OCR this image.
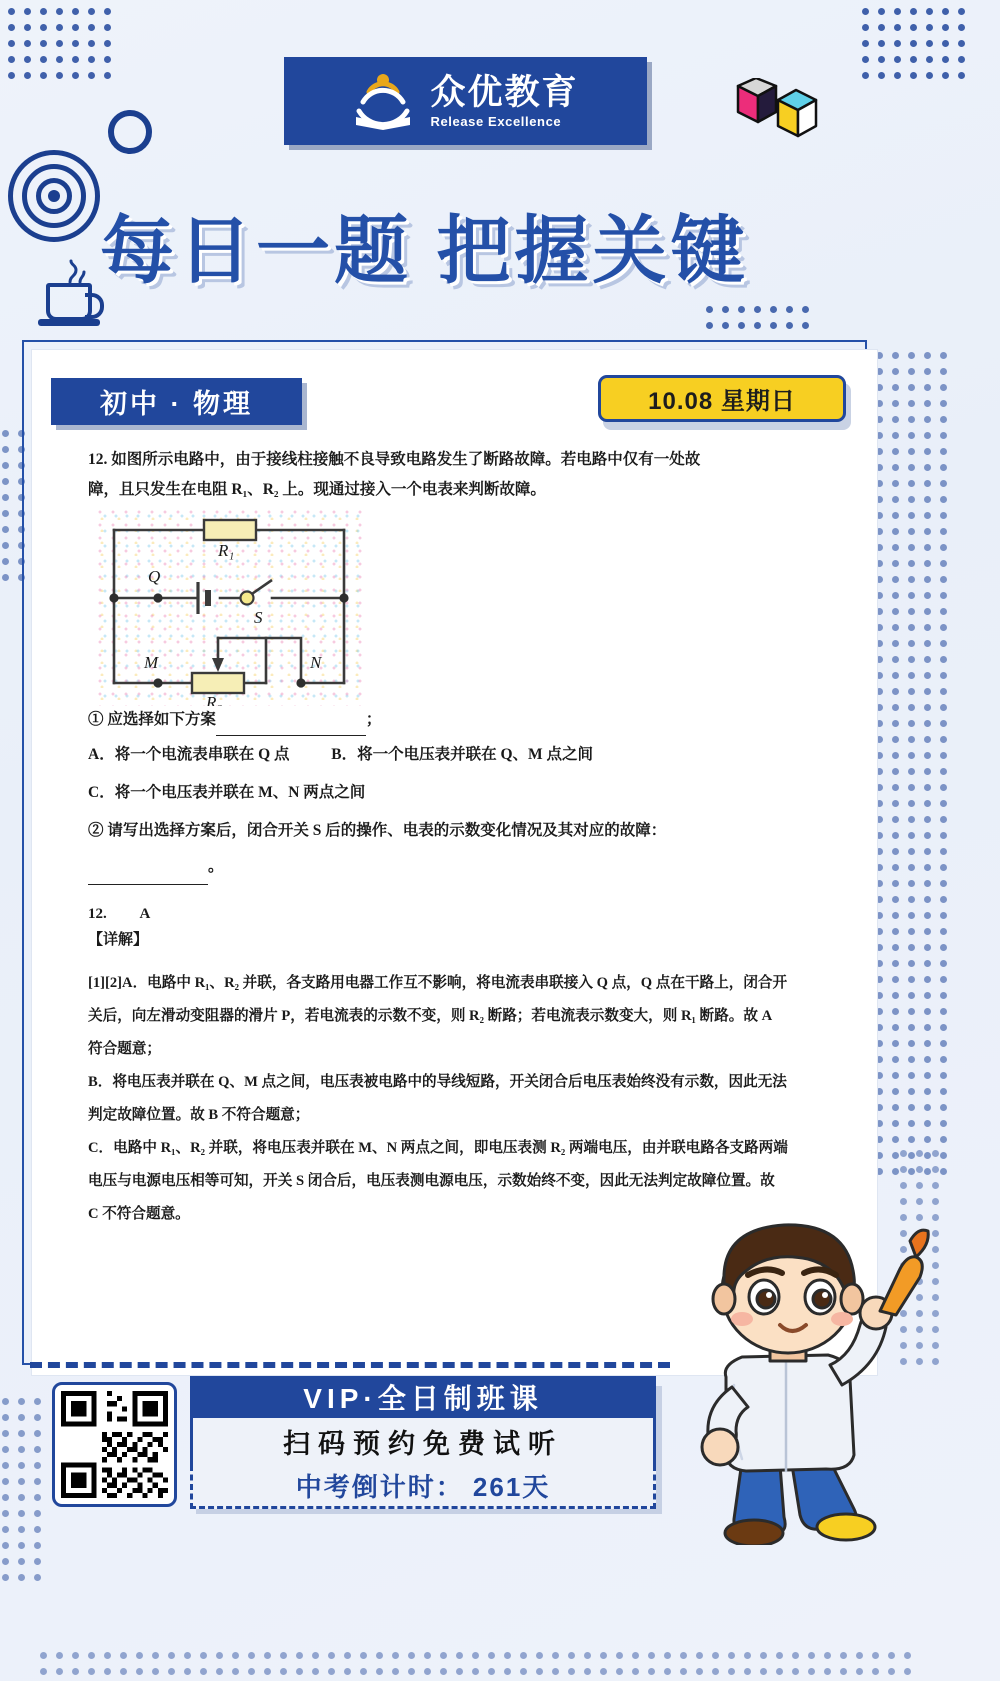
众优教育
Release Excellence
每日一题 把握关键
初中 · 物理	10.08 星期日
12. 如图所示电路中，由于接线柱接触不良导致电路发生了断路故障。若电路中仅有一处故
障，且只发生在电阻 R₁、R₂ 上。现通过接入一个电表来判断故障。
① 应选择如下方案	；
A．将一个电流表串联在 Q 点	B．将一个电压表并联在 Q、M 点之间
C．将一个电压表并联在 M、N 两点之间
② 请写出选择方案后，闭合开关 S 后的操作、电表的示数变化情况及其对应的故障：
。
12. A
【详解】
[1][2]A．电路中 R₁、R₂ 并联，各支路用电器工作互不影响，将电流表串联接入 Q 点，Q 点在干路上，闭合开关后，向左滑动变阻器的滑片 P，若电流表的示数不变，则 R₂ 断路；若电流表示数变大，则 R₁ 断路。故 A 符合题意；
B．将电压表并联在 Q、M 点之间，电压表被电路中的导线短路，开关闭合后电压表始终没有示数，因此无法判定故障位置。故 B 不符合题意；
C．电路中 R₁、R₂ 并联，将电压表并联在 M、N 两点之间，即电压表测 R₂ 两端电压，由并联电路各支路两端电压与电源电压相等可知，开关 S 闭合后，电压表测电源电压，示数始终不变，因此无法判定故障位置。故 C 不符合题意。
R₁
R₂
Q
S
M	N
VIP·全日制班课
扫码预约免费试听
中考倒计时： 261天
